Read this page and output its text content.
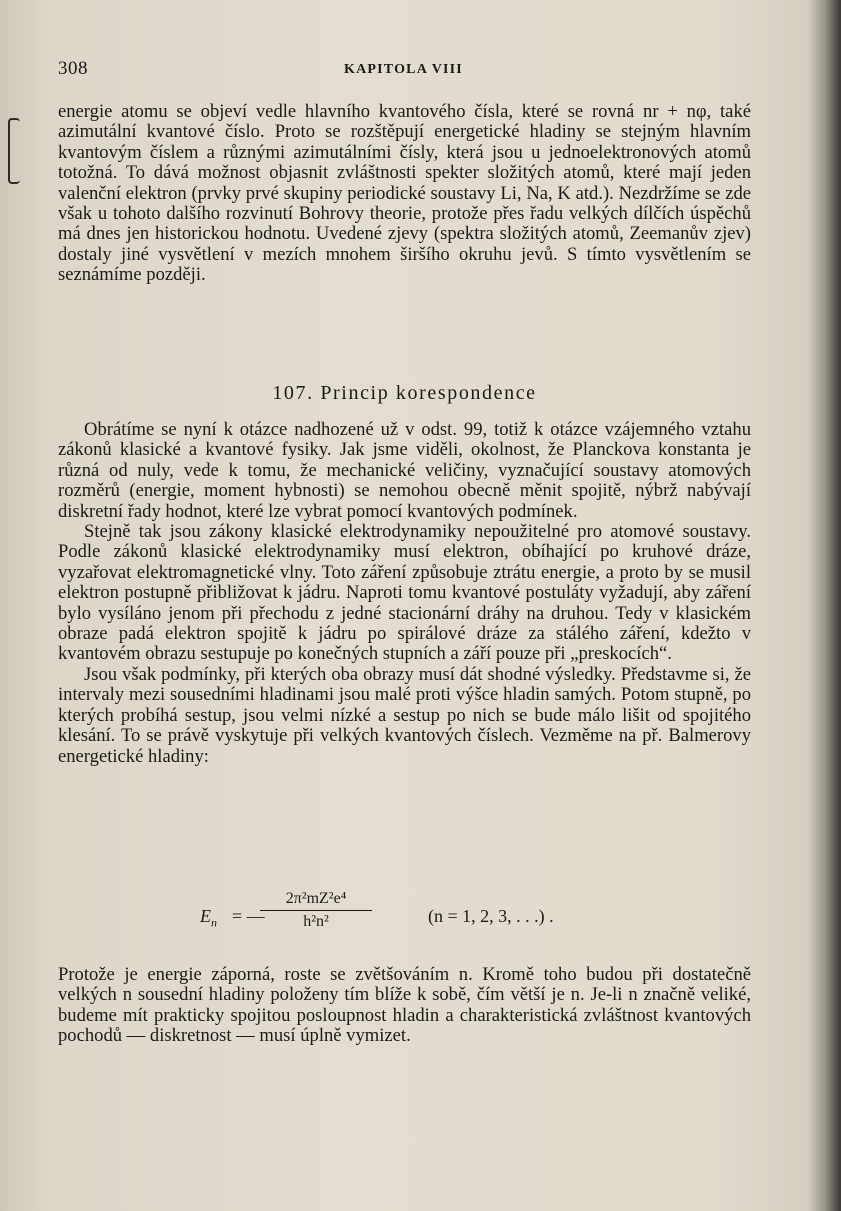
308	KAPITOLA VIII

energie atomu se objeví vedle hlavního kvantového čísla, které se rovná nr + nφ, také azimutální kvantové číslo. Proto se rozštěpují energetické hladiny se stejným hlavním kvantovým číslem a různými azimutálními čísly, která jsou u jednoelektronových atomů totožná. To dává možnost objasnit zvláštnosti spekter složitých atomů, které mají jeden valenční elektron (prvky prvé skupiny periodické soustavy Li, Na, K atd.). Nezdržíme se zde však u tohoto dalšího rozvinutí Bohrovy theorie, protože přes řadu velkých dílčích úspěchů má dnes jen historickou hodnotu. Uvedené zjevy (spektra složitých atomů, Zeemanův zjev) dostaly jiné vysvětlení v mezích mnohem širšího okruhu jevů. S tímto vysvětlením se seznámíme později.

107. Princip korespondence

Obrátíme se nyní k otázce nadhozené už v odst. 99, totiž k otázce vzájemného vztahu zákonů klasické a kvantové fysiky. Jak jsme viděli, okolnost, že Planckova konstanta je různá od nuly, vede k tomu, že mechanické veličiny, vyznačující soustavy atomových rozměrů (energie, moment hybnosti) se nemohou obecně měnit spojitě, nýbrž nabývají diskretní řady hodnot, které lze vybrat pomocí kvantových podmínek.

Stejně tak jsou zákony klasické elektrodynamiky nepoužitelné pro atomové soustavy. Podle zákonů klasické elektrodynamiky musí elektron, obíhající po kruhové dráze, vyzařovat elektromagnetické vlny. Toto záření způsobuje ztrátu energie, a proto by se musil elektron postupně přibližovat k jádru. Naproti tomu kvantové postuláty vyžadují, aby záření bylo vysíláno jenom při přechodu z jedné stacionární dráhy na druhou. Tedy v klasickém obraze padá elektron spojitě k jádru po spirálové dráze za stálého záření, kdežto v kvantovém obrazu sestupuje po konečných stupních a září pouze při „preskocích“.

Jsou však podmínky, při kterých oba obrazy musí dát shodné výsledky. Představme si, že intervaly mezi sousedními hladinami jsou malé proti výšce hladin samých. Potom stupně, po kterých probíhá sestup, jsou velmi nízké a sestup po nich se bude málo lišit od spojitého klesání. To se právě vyskytuje při velkých kvantových číslech. Vezměme na př. Balmerovy energetické hladiny:

$E_n$ = —
$\frac{\text{2π²mZ²e⁴}}{\text{h²n²}}$	(n = 1, 2, 3, . . .) .

Protože je energie záporná, roste se zvětšováním n. Kromě toho budou při dostatečně velkých n sousední hladiny položeny tím blíže k sobě, čím větší je n. Je-li n značně veliké, budeme mít prakticky spojitou posloupnost hladin a charakteristická zvláštnost kvantových pochodů — diskretnost — musí úplně vymizet.
